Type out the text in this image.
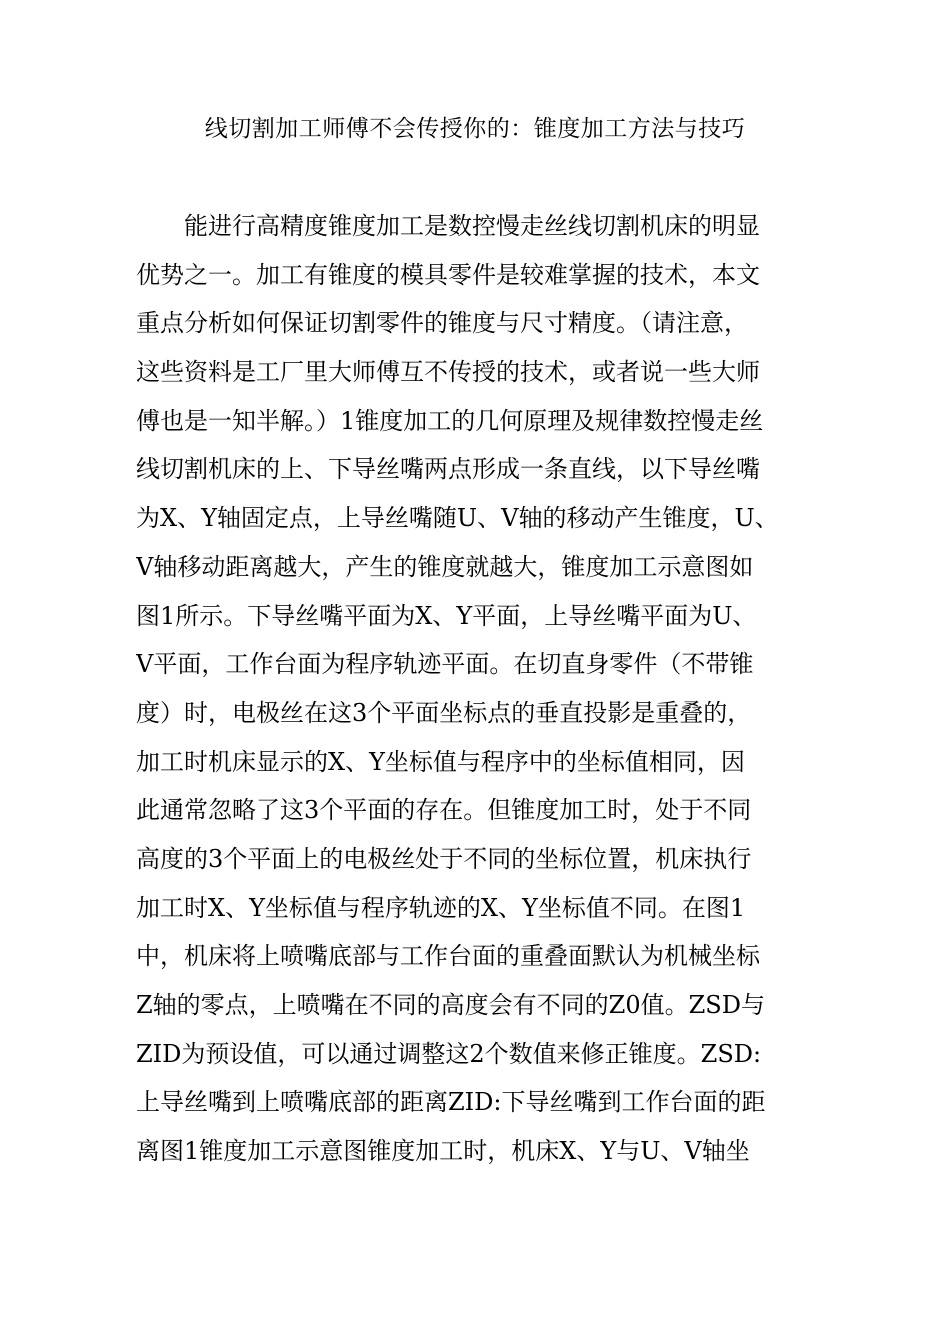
线切割加工师傅不会传授你的：锥度加工方法与技巧
　　能进行高精度锥度加工是数控慢走丝线切割机床的明显
优势之一。加工有锥度的模具零件是较难掌握的技术，本文
重点分析如何保证切割零件的锥度与尺寸精度。（请注意，
这些资料是工厂里大师傅互不传授的技术，或者说一些大师
傅也是一知半解。）1锥度加工的几何原理及规律数控慢走丝
线切割机床的上、下导丝嘴两点形成一条直线，以下导丝嘴
为X、Y轴固定点，上导丝嘴随U、V轴的移动产生锥度，U、
V轴移动距离越大，产生的锥度就越大，锥度加工示意图如
图1所示。下导丝嘴平面为X、Y平面，上导丝嘴平面为U、
V平面，工作台面为程序轨迹平面。在切直身零件（不带锥
度）时，电极丝在这3个平面坐标点的垂直投影是重叠的，
加工时机床显示的X、Y坐标值与程序中的坐标值相同，因
此通常忽略了这3个平面的存在。但锥度加工时，处于不同
高度的3个平面上的电极丝处于不同的坐标位置，机床执行
加工时X、Y坐标值与程序轨迹的X、Y坐标值不同。在图1
中，机床将上喷嘴底部与工作台面的重叠面默认为机械坐标
Z轴的零点，上喷嘴在不同的高度会有不同的Z0值。ZSD与
ZID为预设值，可以通过调整这2个数值来修正锥度。ZSD:
上导丝嘴到上喷嘴底部的距离ZID:下导丝嘴到工作台面的距
离图1锥度加工示意图锥度加工时，机床X、Y与U、V轴坐
